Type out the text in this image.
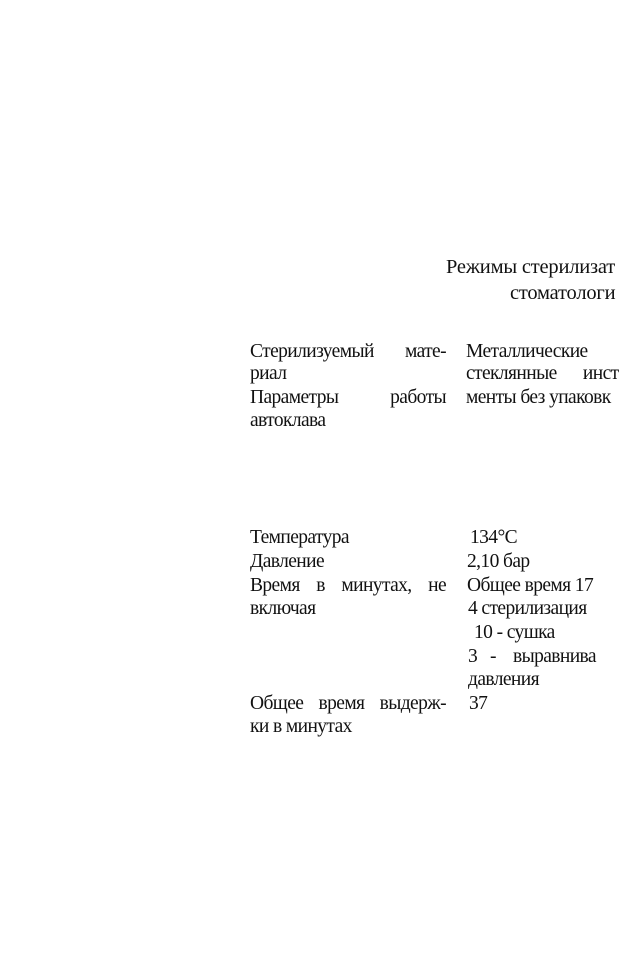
Режимы стерилизат
стоматологи
Стерилизуемый мате-
риал
Параметры работы
автоклава
Металлические
стеклянные инст
менты без упаковк
Температура	134°С
Давление	2,10 бар
Время в минутах, не
включая
Общее время 17
4 стерилизация
10 - сушка
3   -    выравнива
давления
Общее время выдерж-
ки в минутах
37
